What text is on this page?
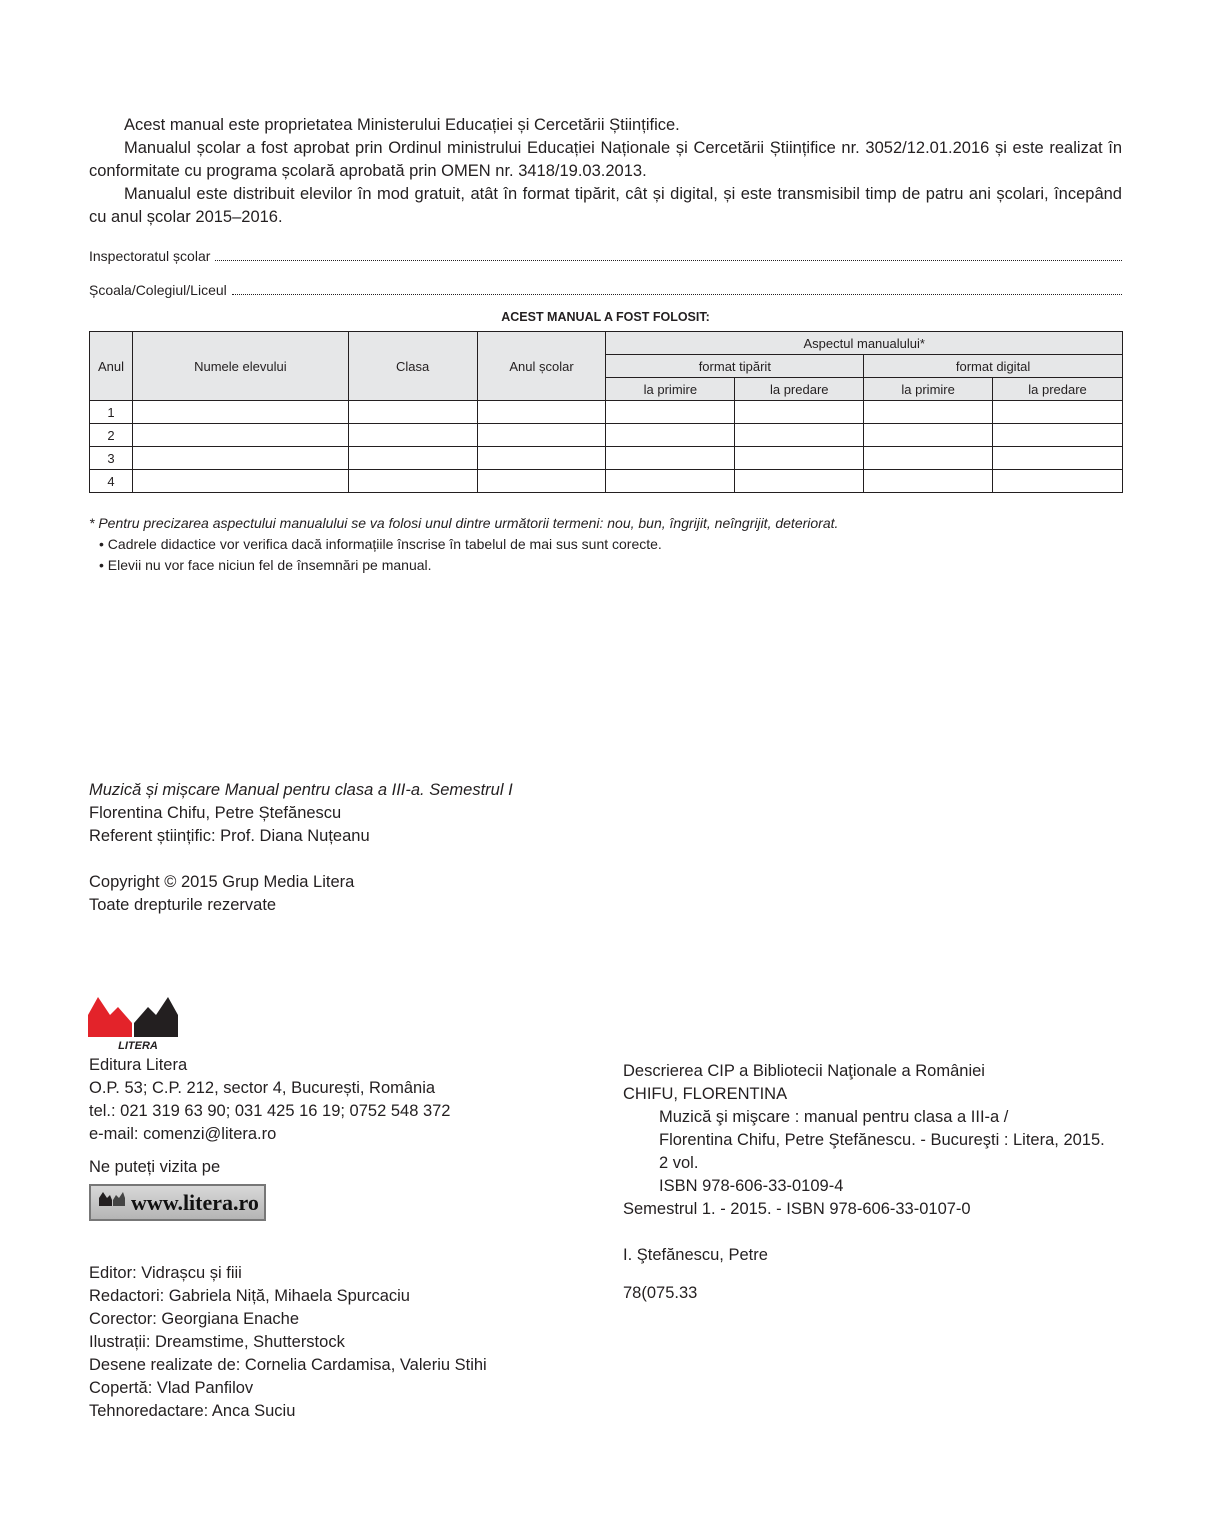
Acest manual este proprietatea Ministerului Educației și Cercetării Științifice.

Manualul școlar a fost aprobat prin Ordinul ministrului Educației Naționale și Cercetării Științifice nr. 3052/12.01.2016 și este realizat în conformitate cu programa școlară aprobată prin OMEN nr. 3418/19.03.2013.

Manualul este distribuit elevilor în mod gratuit, atât în format tipărit, cât și digital, și este transmisibil timp de patru ani școlari, începând cu anul școlar 2015–2016.

Inspectoratul școlar
Școala/Colegiul/Liceul
ACEST MANUAL A FOST FOLOSIT:
Anul	Numele elevului	Clasa	Anul școlar	Aspectul manualului*			
				format tipărit		format digital	
				la primire	la predare	la primire	la predare
1							
2							
3							
4							
* Pentru precizarea aspectului manualului se va folosi unul dintre următorii termeni: nou, bun, îngrijit, neîngrijit, deteriorat.
• Cadrele didactice vor verifica dacă informațiile înscrise în tabelul de mai sus sunt corecte.
• Elevii nu vor face niciun fel de însemnări pe manual.
Muzică și mișcare Manual pentru clasa a III-a. Semestrul I
Florentina Chifu, Petre Ștefănescu
Referent științific: Prof. Diana Nuțeanu
Copyright © 2015 Grup Media Litera
Toate drepturile rezervate
LITERA
Editura Litera
O.P. 53; C.P. 212, sector 4, București, România
tel.: 021 319 63 90; 031 425 16 19; 0752 548 372
e-mail: comenzi@litera.ro
Ne puteți vizita pe
www.litera.ro
Editor: Vidrașcu și fiii
Redactori: Gabriela Niță, Mihaela Spurcaciu
Corector: Georgiana Enache
Ilustrații: Dreamstime, Shutterstock
Desene realizate de: Cornelia Cardamisa, Valeriu Stihi
Copertă: Vlad Panfilov
Tehnoredactare: Anca Suciu
Descrierea CIP a Bibliotecii Naţionale a României
CHIFU, FLORENTINA
Muzică şi mişcare : manual pentru clasa a III-a /
Florentina Chifu, Petre Ştefănescu. - Bucureşti : Litera, 2015.
2 vol.
ISBN 978-606-33-0109-4
Semestrul 1. - 2015. - ISBN 978-606-33-0107-0
I. Ştefănescu, Petre
78(075.33
